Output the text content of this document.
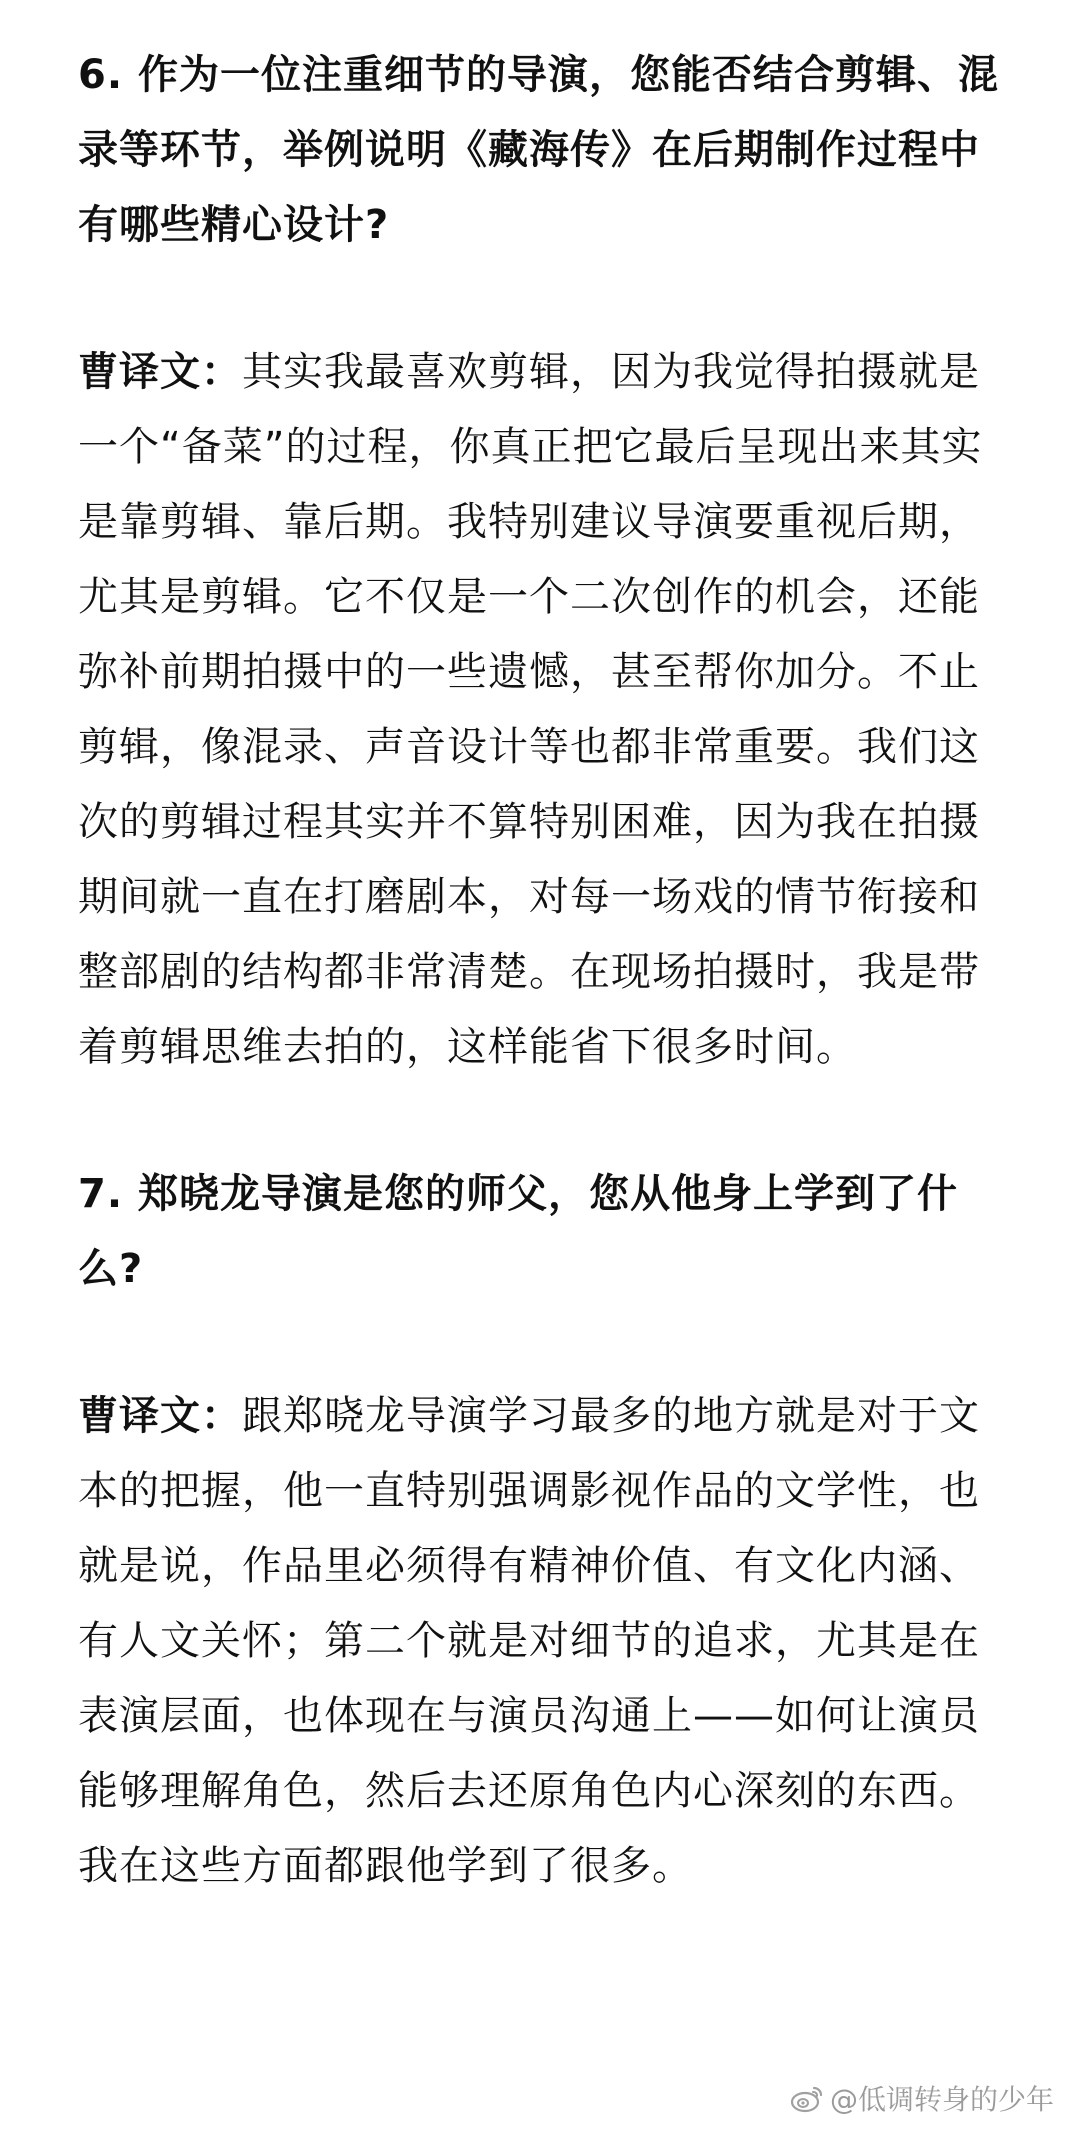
6. 作为一位注重细节的导演，您能否结合剪辑、混录等环节，举例说明《藏海传》在后期制作过程中有哪些精心设计?

曹译文：其实我最喜欢剪辑，因为我觉得拍摄就是一个“备菜”的过程，你真正把它最后呈现出来其实是靠剪辑、靠后期。我特别建议导演要重视后期，尤其是剪辑。它不仅是一个二次创作的机会，还能弥补前期拍摄中的一些遗憾，甚至帮你加分。不止剪辑，像混录、声音设计等也都非常重要。我们这次的剪辑过程其实并不算特别困难，因为我在拍摄期间就一直在打磨剧本，对每一场戏的情节衔接和整部剧的结构都非常清楚。在现场拍摄时，我是带着剪辑思维去拍的，这样能省下很多时间。

7. 郑晓龙导演是您的师父，您从他身上学到了什么?

曹译文：跟郑晓龙导演学习最多的地方就是对于文本的把握，他一直特别强调影视作品的文学性，也就是说，作品里必须得有精神价值、有文化内涵、有人文关怀；第二个就是对细节的追求，尤其是在表演层面，也体现在与演员沟通上——如何让演员能够理解角色，然后去还原角色内心深刻的东西。我在这些方面都跟他学到了很多。

@低调转身的少年
